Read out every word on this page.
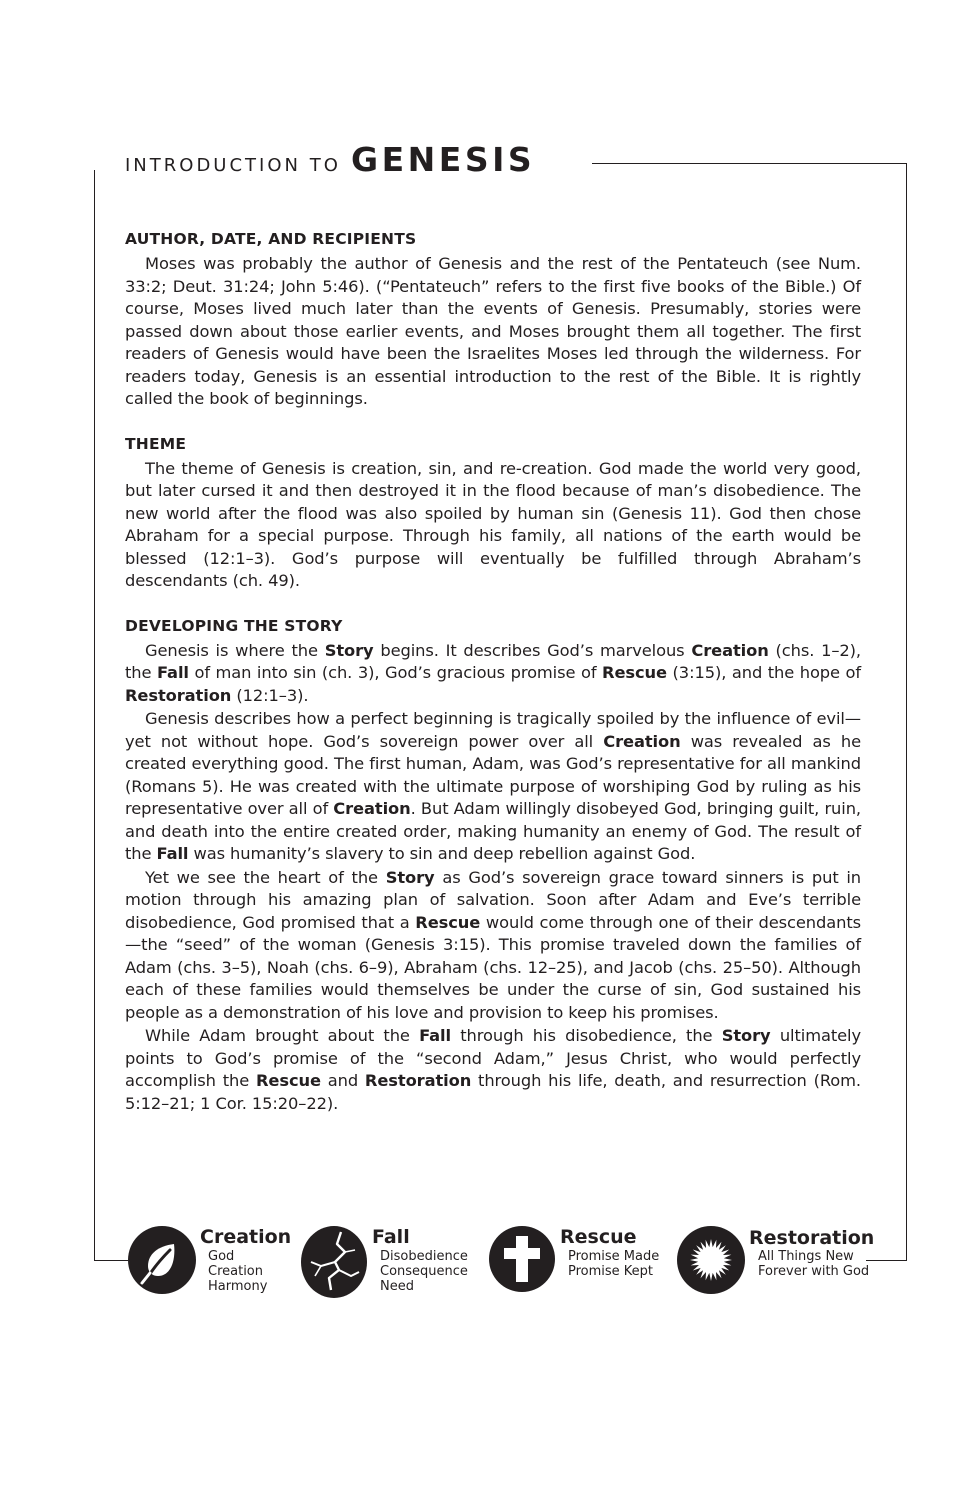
INTRODUCTION TO GENESIS
AUTHOR, DATE, AND RECIPIENTS

Moses was probably the author of Genesis and the rest of the Pentateuch (see Num. 33:2; Deut. 31:24; John 5:46). (“Pentateuch” refers to the first five books of the Bible.) Of course, Moses lived much later than the events of Genesis. Presumably, stories were passed down about those earlier events, and Moses brought them all together. The first readers of Genesis would have been the Israelites Moses led through the wilderness. For readers today, Genesis is an essential introduction to the rest of the Bible. It is rightly called the book of beginnings.

THEME

The theme of Genesis is creation, sin, and re-creation. God made the world very good, but later cursed it and then destroyed it in the flood because of man’s disobedience. The new world after the flood was also spoiled by human sin (Genesis 11). God then chose Abraham for a special purpose. Through his family, all nations of the earth would be blessed (12:1–3). God’s purpose will eventually be fulfilled through Abraham’s descendants (ch. 49).

DEVELOPING THE STORY

Genesis is where the Story begins. It describes God’s marvelous Creation (chs. 1–2), the Fall of man into sin (ch. 3), God’s gracious promise of Rescue (3:15), and the hope of Restoration (12:1–3).

Genesis describes how a perfect beginning is tragically spoiled by the influence of evil—yet not without hope. God’s sovereign power over all Creation was revealed as he created everything good. The first human, Adam, was God’s representative for all mankind (Romans 5). He was created with the ultimate purpose of worshiping God by ruling as his representative over all of Creation. But Adam willingly disobeyed God, bringing guilt, ruin, and death into the entire created order, making humanity an enemy of God. The result of the Fall was humanity’s slavery to sin and deep rebellion against God.

Yet we see the heart of the Story as God’s sovereign grace toward sinners is put in motion through his amazing plan of salvation. Soon after Adam and Eve’s terrible disobedience, God promised that a Rescue would come through one of their descendants—the “seed” of the woman (Genesis 3:15). This promise traveled down the families of Adam (chs. 3–5), Noah (chs. 6–9), Abraham (chs. 12–25), and Jacob (chs. 25–50). Although each of these families would themselves be under the curse of sin, God sustained his people as a demonstration of his love and provision to keep his promises.

While Adam brought about the Fall through his disobedience, the Story ultimately points to God’s promise of the “second Adam,” Jesus Christ, who would perfectly accomplish the Rescue and Restoration through his life, death, and resurrection (Rom. 5:12–21; 1 Cor. 15:20–22).

Creation
God
Creation
Harmony
Fall
Disobedience
Consequence
Need
Rescue
Promise Made
Promise Kept
Restoration
All Things New
Forever with God
